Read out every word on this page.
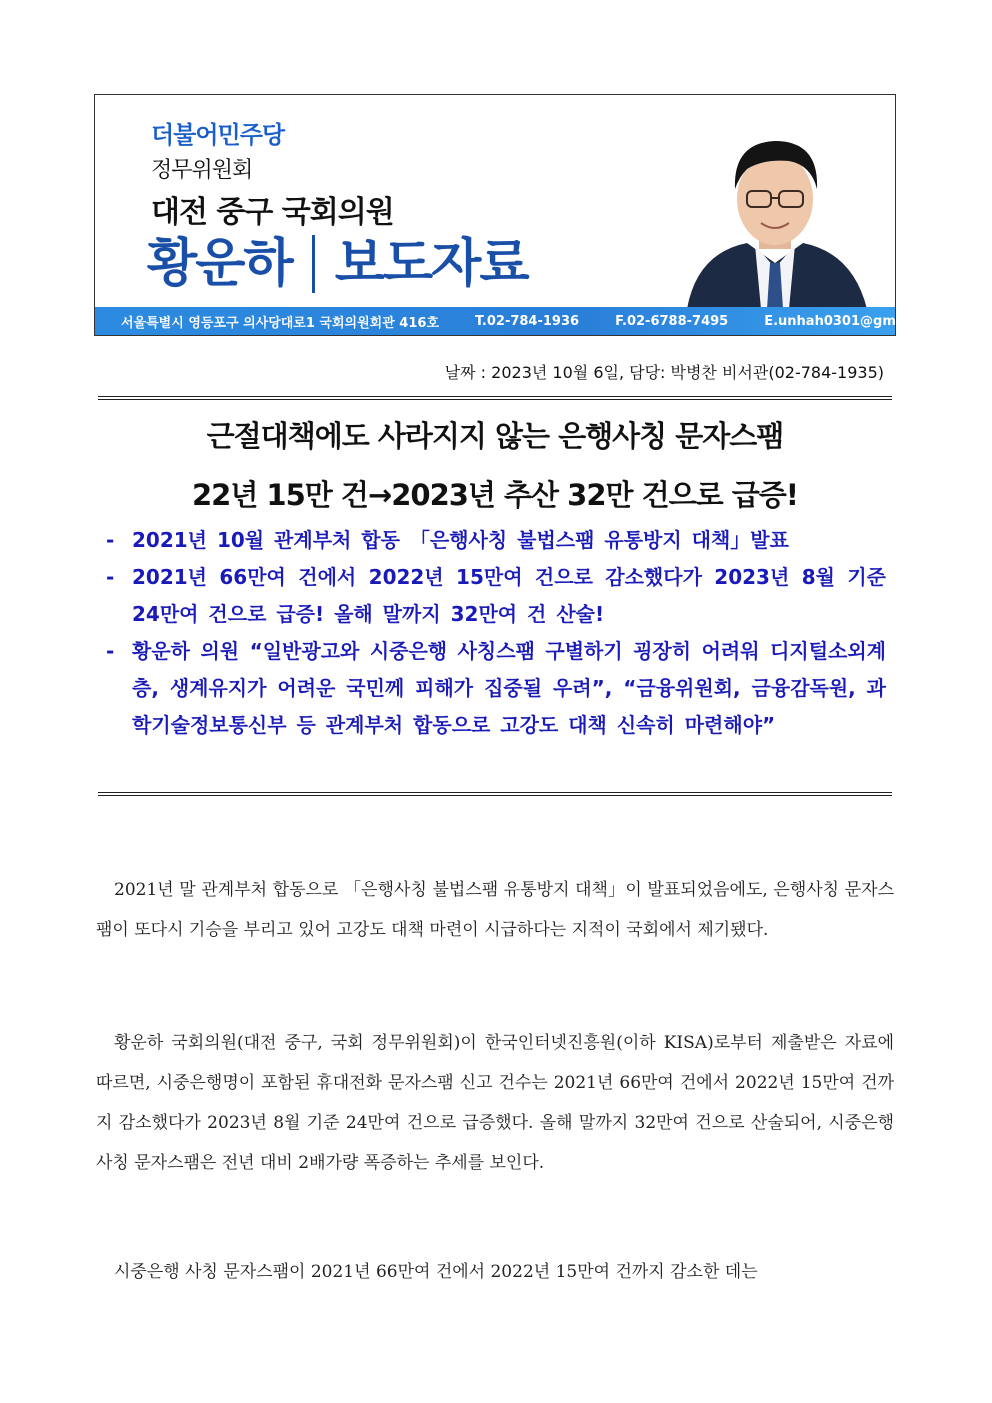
더불어민주당
정무위원회
대전 중구 국회의원
황운하 보도자료
서울특별시 영등포구 의사당대로1 국회의원회관 416호	T.02-784-1936	F.02-6788-7495	E.unhah0301@gmail.com
날짜 : 2023년 10월 6일, 담당: 박병찬 비서관(02-784-1935)
근절대책에도 사라지지 않는 은행사칭 문자스팸
22년 15만 건→2023년 추산 32만 건으로 급증!
- 2021년 10월 관계부처 합동 「은행사칭 불법스팸 유통방지 대책」발표
- 2021년 66만여 건에서 2022년 15만여 건으로 감소했다가 2023년 8월 기준 24만여 건으로 급증! 올해 말까지 32만여 건 산술!
- 황운하 의원 “일반광고와 시중은행 사칭스팸 구별하기 굉장히 어려워 디지털소외계층, 생계유지가 어려운 국민께 피해가 집중될 우려”, “금융위원회, 금융감독원, 과학기술정보통신부 등 관계부처 합동으로 고강도 대책 신속히 마련해야”

2021년 말 관계부처 합동으로 「은행사칭 불법스팸 유통방지 대책」이 발표되었음에도, 은행사칭 문자스팸이 또다시 기승을 부리고 있어 고강도 대책 마련이 시급하다는 지적이 국회에서 제기됐다.

황운하 국회의원(대전 중구, 국회 정무위원회)이 한국인터넷진흥원(이하 KISA)로부터 제출받은 자료에 따르면, 시중은행명이 포함된 휴대전화 문자스팸 신고 건수는 2021년 66만여 건에서 2022년 15만여 건까지 감소했다가 2023년 8월 기준 24만여 건으로 급증했다. 올해 말까지 32만여 건으로 산술되어, 시중은행 사칭 문자스팸은 전년 대비 2배가량 폭증하는 추세를 보인다.

시중은행 사칭 문자스팸이 2021년 66만여 건에서 2022년 15만여 건까지 감소한 데는
